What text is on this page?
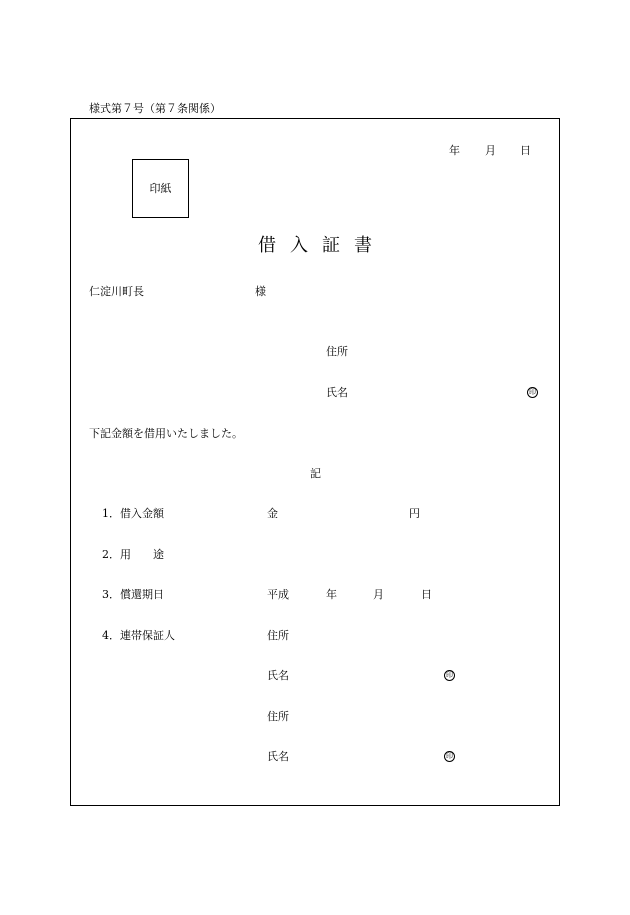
様式第７号（第７条関係）
年 月 日
印紙
借入証書
仁淀川町長	様
住所
氏名	印
下記金額を借用いたしました。
記
1．借入金額	金	円
2．用　　途
3．償還期日	平成	年	月	日
4．連帯保証人	住所
氏名	印
住所
氏名	印
